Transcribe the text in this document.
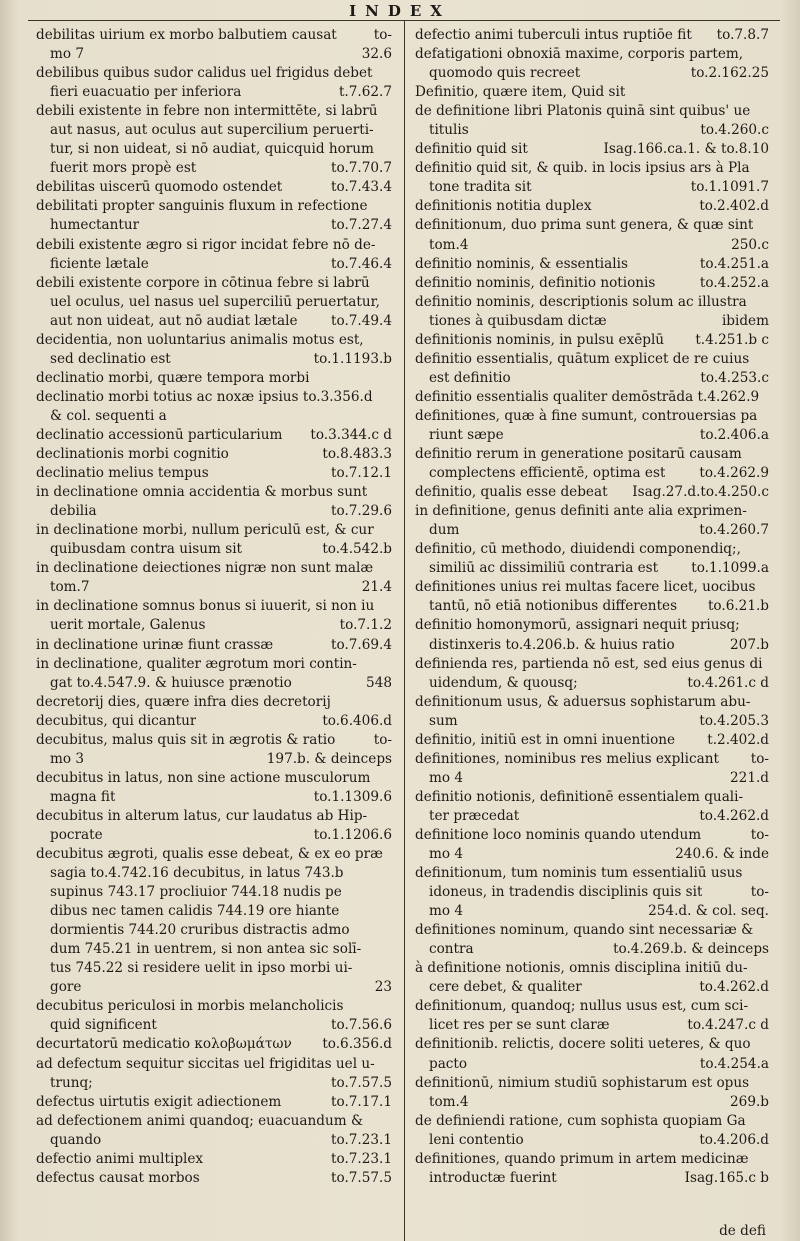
INDEX
debilitas uirium ex morbo balbutiem causat	to-
mo 7	32.6
debilibus quibus sudor calidus uel frigidus debet
fieri euacuatio per inferiora	t.7.62.7
debili existente in febre non intermittēte, si labrū
aut nasus, aut oculus aut supercilium peruerti-
tur, si non uideat, si nō audiat, quicquid horum
fuerit mors propè est	to.7.70.7
debilitas uiscerū quomodo ostendet	to.7.43.4
debilitati propter sanguinis fluxum in refectione
humectantur	to.7.27.4
debili existente ægro si rigor incidat febre nō de-
ficiente lætale	to.7.46.4
debili existente corpore in cōtinua febre si labrū
uel oculus, uel nasus uel superciliū peruertatur,
aut non uideat, aut nō audiat lætale	to.7.49.4
decidentia, non uoluntarius animalis motus est,
sed declinatio est	to.1.1193.b
declinatio morbi, quære tempora morbi
declinatio morbi totius ac noxæ ipsius to.3.356.d
& col. sequenti a
declinatio accessionū particularium	to.3.344.c d
declinationis morbi cognitio	to.8.483.3
declinatio melius tempus	to.7.12.1
in declinatione omnia accidentia & morbus sunt
debilia	to.7.29.6
in declinatione morbi, nullum periculū est, & cur
quibusdam contra uisum sit	to.4.542.b
in declinatione deiectiones nigræ non sunt malæ
tom.7	21.4
in declinatione somnus bonus si iuuerit, si non iu
uerit mortale, Galenus	to.7.1.2
in declinatione urinæ fiunt crassæ	to.7.69.4
in declinatione, qualiter ægrotum mori contin-
gat to.4.547.9. & huiusce prænotio	548
decretorij dies, quære infra dies decretorij
decubitus, qui dicantur	to.6.406.d
decubitus, malus quis sit in ægrotis & ratio	to-
mo 3	197.b. & deinceps
decubitus in latus, non sine actione musculorum
magna fit	to.1.1309.6
decubitus in alterum latus, cur laudatus ab Hip-
pocrate	to.1.1206.6
decubitus ægroti, qualis esse debeat, & ex eo præ
sagia to.4.742.16 decubitus, in latus 743.b
supinus 743.17 procliuior 744.18 nudis pe
dibus nec tamen calidis 744.19 ore hiante
dormientis 744.20 cruribus distractis admo
dum 745.21 in uentrem, si non antea sic solī-
tus 745.22 si residere uelit in ipso morbi ui-
gore	23
decubitus periculosi in morbis melancholicis
quid significent	to.7.56.6
decurtatorū medicatio κολοβωμάτων	to.6.356.d
ad defectum sequitur siccitas uel frigiditas uel u-
trunq;	to.7.57.5
defectus uirtutis exigit adiectionem	to.7.17.1
ad defectionem animi quandoq; euacuandum &
quando	to.7.23.1
defectio animi multiplex	to.7.23.1
defectus causat morbos	to.7.57.5
defectio animi tuberculi intus ruptiōe fit	to.7.8.7
defatigationi obnoxiā maxime, corporis partem,
quomodo quis recreet	to.2.162.25
Definitio, quære item, Quid sit
de definitione libri Platonis quinā sint quibus' ue
titulis	to.4.260.c
definitio quid sit	Isag.166.ca.1. & to.8.10
definitio quid sit, & quib. in locis ipsius ars à Pla
tone tradita sit	to.1.1091.7
definitionis notitia duplex	to.2.402.d
definitionum, duo prima sunt genera, & quæ sint
tom.4	250.c
definitio nominis, & essentialis	to.4.251.a
definitio nominis, definitio notionis	to.4.252.a
definitio nominis, descriptionis solum ac illustra
tiones à quibusdam dictæ	ibidem
definitionis nominis, in pulsu exēplū	t.4.251.b c
definitio essentialis, quātum explicet de re cuius
est definitio	to.4.253.c
definitio essentialis qualiter demōstrāda t.4.262.9
definitiones, quæ à fine sumunt, controuersias pa
riunt sæpe	to.2.406.a
definitio rerum in generatione positarū causam
complectens efficientē, optima est	to.4.262.9
definitio, qualis esse debeat	Isag.27.d.to.4.250.c
in definitione, genus definiti ante alia exprimen-
dum	to.4.260.7
definitio, cū methodo, diuidendi componendiq;,
similiū ac dissimiliū contraria est	to.1.1099.a
definitiones unius rei multas facere licet, uocibus
tantū, nō etiā notionibus differentes	to.6.21.b
definitio homonymorū, assignari nequit priusq;
distinxeris to.4.206.b. & huius ratio	207.b
definienda res, partienda nō est, sed eius genus di
uidendum, & quousq;	to.4.261.c d
definitionum usus, & aduersus sophistarum abu-
sum	to.4.205.3
definitio, initiū est in omni inuentione	t.2.402.d
definitiones, nominibus res melius explicant	to-
mo 4	221.d
definitio notionis, definitionē essentialem quali-
ter præcedat	to.4.262.d
definitione loco nominis quando utendum	to-
mo 4	240.6. & inde
definitionum, tum nominis tum essentialiū usus
idoneus, in tradendis disciplinis quis sit	to-
mo 4	254.d. & col. seq.
definitiones nominum, quando sint necessariæ &
contra	to.4.269.b. & deinceps
à definitione notionis, omnis disciplina initiū du-
cere debet, & qualiter	to.4.262.d
definitionum, quandoq; nullus usus est, cum sci-
licet res per se sunt claræ	to.4.247.c d
definitionib. relictis, docere soliti ueteres, & quo
pacto	to.4.254.a
definitionū, nimium studiū sophistarum est opus
tom.4	269.b
de definiendi ratione, cum sophista quopiam Ga
leni contentio	to.4.206.d
definitiones, quando primum in artem medicinæ
introductæ fuerint	Isag.165.c b
de defi
